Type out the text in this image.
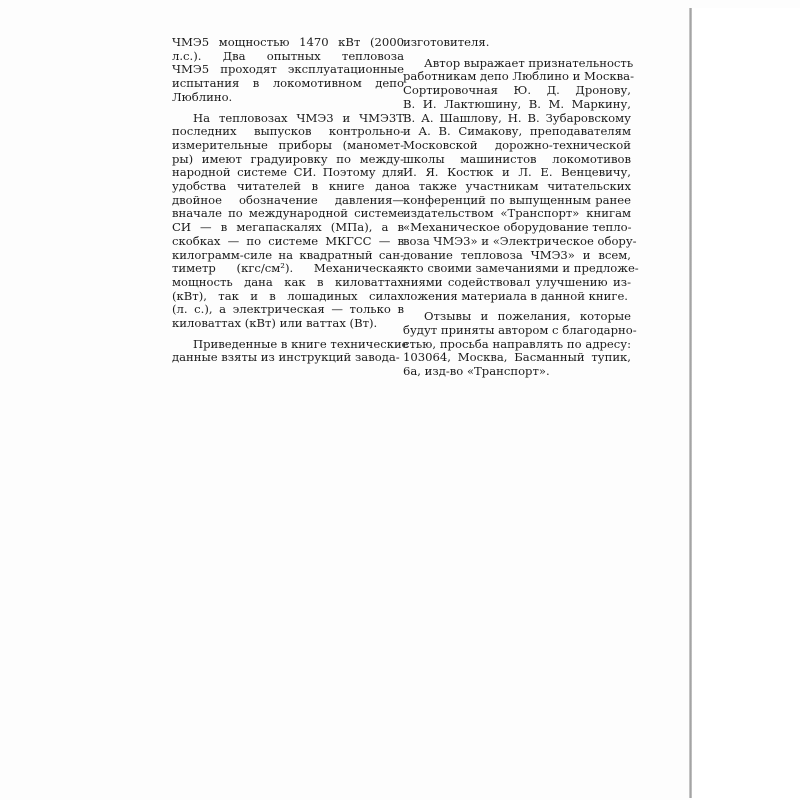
ЧМЭ5 мощностью 1470 кВт (2000
л.с.). Два опытных тепловоза
ЧМЭ5 проходят эксплуатационные
испытания в локомотивном депо
Люблино.
На тепловозах ЧМЭ3 и ЧМЭ3Т
последних выпусков контрольно-
измерительные приборы (маномет-
ры) имеют градуировку по между-
народной системе СИ. Поэтому для
удобства читателей в книге дано
двойное обозначение давления—
вначале по международной системе
СИ — в мегапаскалях (МПа), а в
скобках — по системе МКГСС — в
килограмм-силе на квадратный сан-
тиметр (кгс/см²). Механическая
мощность дана как в киловаттах
(кВт), так и в лошадиных силах
(л. с.), а электрическая — только в
киловаттах (кВт) или ваттах (Вт).
Приведенные в книге технические
данные взяты из инструкций завода-
изготовителя.
Автор выражает признательность
работникам депо Люблино и Москва-
Сортировочная Ю. Д. Дронову,
В. И. Лактюшину, В. М. Маркину,
В. А. Шашлову, Н. В. Зубаровскому
и А. В. Симакову, преподавателям
Московской дорожно-технической
школы машинистов локомотивов
И. Я. Костюк и Л. Е. Венцевичу,
а также участникам читательских
конференций по выпущенным ранее
издательством «Транспорт» книгам
«Механическое оборудование тепло-
воза ЧМЭ3» и «Электрическое обору-
дование тепловоза ЧМЭ3» и всем,
кто своими замечаниями и предложе-
ниями содействовал улучшению из-
ложения материала в данной книге.
Отзывы и пожелания, которые
будут приняты автором с благодарно-
стью, просьба направлять по адресу:
103064, Москва, Басманный тупик,
6а, изд-во «Транспорт».
